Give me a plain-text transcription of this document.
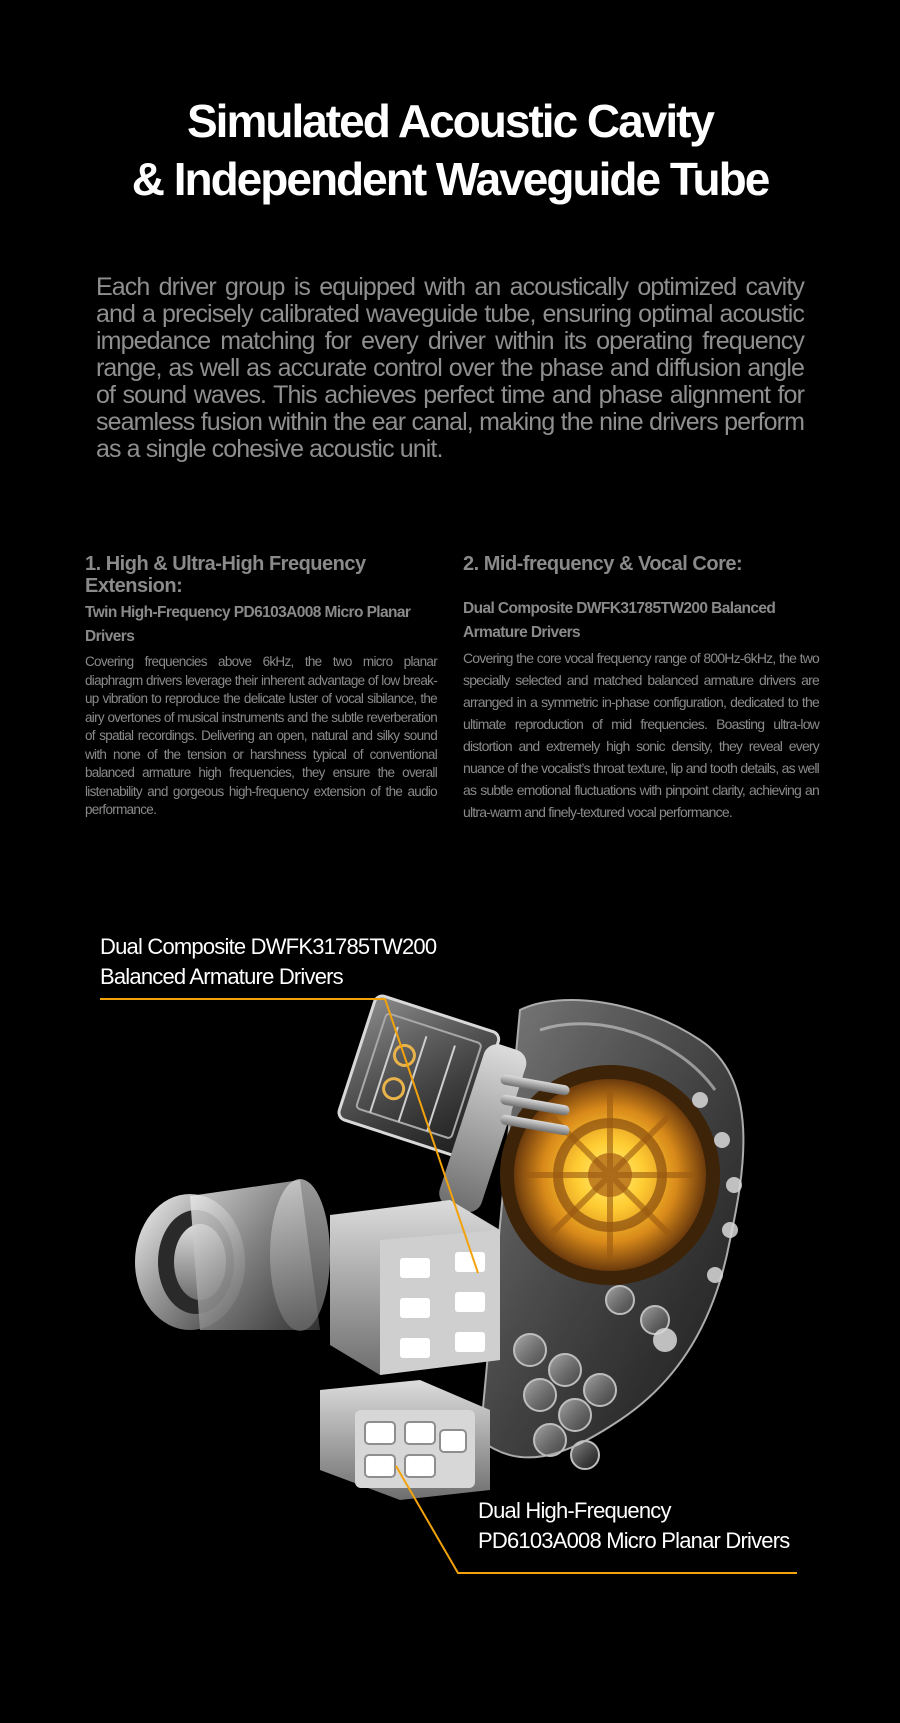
Simulated Acoustic Cavity
& Independent Waveguide Tube
Each driver group is equipped with an acoustically optimized cavity and a precisely calibrated waveguide tube, ensuring optimal acoustic impedance matching for every driver within its operating frequency range, as well as accurate control over the phase and diffusion angle of sound waves. This achieves perfect time and phase alignment for seamless fusion within the ear canal, making the nine drivers perform as a single cohesive acoustic unit.
1. High & Ultra-High Frequency Extension:
Twin High-Frequency PD6103A008 Micro Planar Drivers

Covering frequencies above 6kHz, the two micro planar diaphragm drivers leverage their inherent advantage of low break-up vibration to reproduce the delicate luster of vocal sibilance, the airy overtones of musical instruments and the subtle reverberation of spatial recordings. Delivering an open, natural and silky sound with none of the tension or harshness typical of conventional balanced armature high frequencies, they ensure the overall listenability and gorgeous high-frequency extension of the audio performance.

2. Mid-frequency & Vocal Core:
Dual Composite DWFK31785TW200 Balanced Armature Drivers

Covering the core vocal frequency range of 800Hz-6kHz, the two specially selected and matched balanced armature drivers are arranged in a symmetric in-phase configuration, dedicated to the ultimate reproduction of mid frequencies. Boasting ultra-low distortion and extremely high sonic density, they reveal every nuance of the vocalist’s throat texture, lip and tooth details, as well as subtle emotional fluctuations with pinpoint clarity, achieving an ultra-warm and finely-textured vocal performance.

Dual Composite DWFK31785TW200
Balanced Armature Drivers
Dual High-Frequency
PD6103A008 Micro Planar Drivers
